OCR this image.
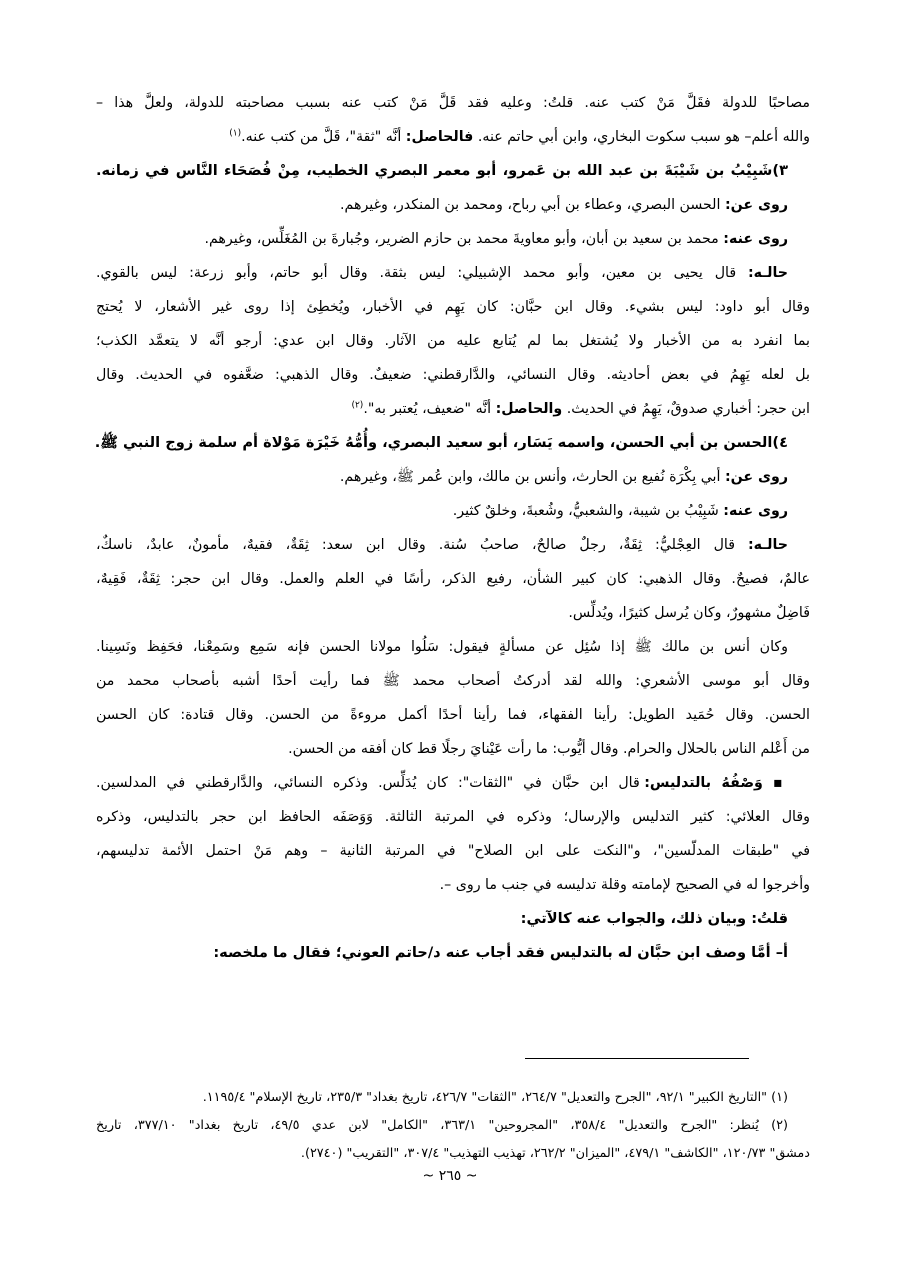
مصاحبًا للدولة فقَلَّ مَنْ كتب عنه. قلتُ: وعليه فقد قَلَّ مَنْ كتب عنه بسبب مصاحبته للدولة، ولعلَّ هذا –
والله أعلم– هو سبب سكوت البخاري، وابن أبي حاتم عنه. فالحاصل: أنَّه "ثقة"، قَلَّ من كتب عنه.$^{(١)}$
٣)شَبِيْبُ بن شَيْبَةَ بن عبد الله بن عَمرو، أبو معمر البصري الخطيب، مِنْ فُصَحَاء النَّاس في زمانه.
روى عن: الحسن البصري، وعطاء بن أبي رباح، ومحمد بن المنكدر، وغيرهم.
روى عنه: محمد بن سعيد بن أبان، وأبو معاويةَ محمد بن حازم الضرير، وجُبارةَ بن المُغَلِّس، وغيرهم.
حالـه: قال يحيى بن معين، وأبو محمد الإشبيلي: ليس بثقة. وقال أبو حاتم، وأبو زرعة: ليس بالقوي.
وقال أبو داود: ليس بشيء. وقال ابن حبَّان: كان يَهِم في الأخبار، ويُخطِئ إذا روى غير الأشعار، لا يُحتج
بما انفرد به من الأخبار ولا يُشتغل بما لم يُتابع عليه من الآثار. وقال ابن عدي: أرجو أنَّه لا يتعمَّد الكذب؛
بل لعله يَهِمُ في بعض أحاديثه. وقال النسائي، والدَّارقطني: ضعيفٌ. وقال الذهبي: ضعَّفوه في الحديث. وقال
ابن حجر: أخباري صدوقٌ، يَهِمُ في الحديث. والحاصل: أنَّه "ضعيف، يُعتبر به".$^{(٢)}$
٤)الحسن بن أبي الحسن، واسمه يَسَار، أبو سعيد البصري، وأُمُّهُ خَيْرَة مَوْلاة أم سلمة زوج النبي ﷺ.
روى عن: أبي بِكْرَة نُفيع بن الحارث، وأنس بن مالك، وابن عُمر ﷺ، وغيرهم.
روى عنه: شَبِيْبُ بن شيبة، والشعبيُّ، وشُعبةَ، وخلقٌ كثير.
حالـه: قال العِجْليُّ: ثِقَةٌ، رجلٌ صالحٌ، صاحبُ سُنة. وقال ابن سعد: ثِقَةٌ، فقيهٌ، مأمونٌ، عابدٌ، ناسكٌ،
عالمٌ، فصيحٌ. وقال الذهبي: كان كبير الشأن، رفيع الذكر، رأسًا في العلم والعمل. وقال ابن حجر: ثِقَةٌ، فَقِيهٌ،
فَاضِلٌ مشهورٌ، وكان يُرسل كثيرًا، ويُدلِّس.
وكان أنس بن مالك ﷺ إذا سُئِل عن مسألةٍ فيقول: سَلُوا مولانا الحسن فإنه سَمِع وسَمِعْنا، فحَفِظ ونَسِينا.
وقال أبو موسى الأشعري: والله لقد أدركتُ أصحاب محمد ﷺ فما رأيت أحدًا أشبه بأصحاب محمد من
الحسن. وقال حُمَيد الطويل: رأينا الفقهاء، فما رأينا أحدًا أكمل مروءةً من الحسن. وقال قتادة: كان الحسن
من أَعْلم الناس بالحلال والحرام. وقال أيُّوب: ما رأت عَيْنايَ رجلًا قط كان أفقه من الحسن.
▪ وَصْفُهُ بالتدليس: قال ابن حبَّان في "الثقات": كان يُدَلِّس. وذكره النسائي، والدَّارقطني في المدلسين.
وقال العلائي: كثير التدليس والإرسال؛ وذكره في المرتبة الثالثة. وَوَصَفَه الحافظ ابن حجر بالتدليس، وذكره
في "طبقات المدلّسين"، و"النكت على ابن الصلاح" في المرتبة الثانية – وهم مَنْ احتمل الأئمة تدليسهم،
وأخرجوا له في الصحيح لإمامته وقلة تدليسه في جنب ما روى –.
قلتُ: وبيان ذلك، والجواب عنه كالآتي:
أ– أمَّا وصف ابن حبَّان له بالتدليس فقد أجاب عنه د/حاتم العوني؛ فقال ما ملخصه:
(١) "التاريخ الكبير" ٩٢/١، "الجرح والتعديل" ٢٦٤/٧، "الثقات" ٤٢٦/٧، تاريخ بغداد" ٢٣٥/٣، تاريخ الإسلام" ١١٩٥/٤.
(٢) يُنظر: "الجرح والتعديل" ٣٥٨/٤، "المجروحين" ٣٦٣/١، "الكامل" لابن عدي ٤٩/٥، تاريخ بغداد" ٣٧٧/١٠، تاريخ
دمشق" ١٢٠/٧٣، "الكاشف" ٤٧٩/١، "الميزان" ٢٦٢/٢، تهذيب التهذيب" ٣٠٧/٤، "التقريب" (٢٧٤٠).
~ ٢٦٥ ~
